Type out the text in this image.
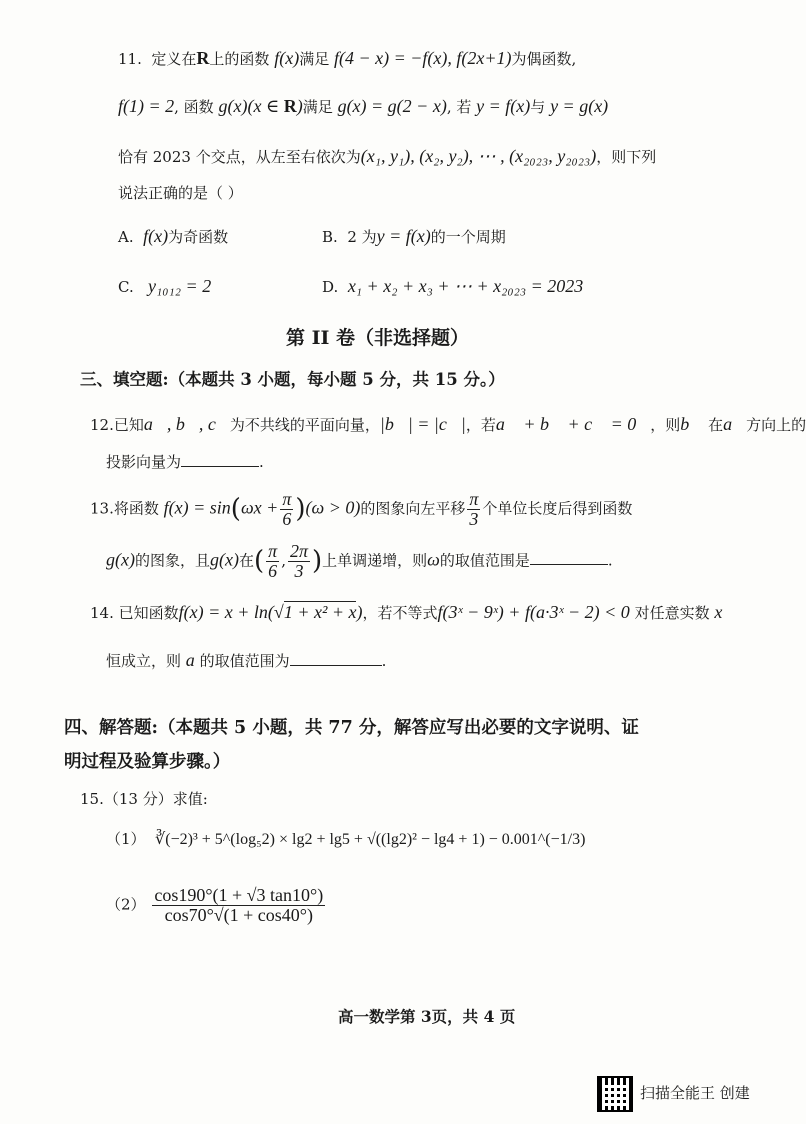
11. 定义在R上的函数 f(x)满足 f(4 − x) = −f(x), f(2x+1)为偶函数,
f(1) = 2, 函数 g(x)(x ∈ R)满足 g(x) = g(2 − x), 若 y = f(x)与 y = g(x)
恰有 2023 个交点，从左至右依次为(x₁, y₁), (x₂, y₂), ⋯ , (x₂₀₂₃, y₂₀₂₃)，则下列
说法正确的是（ ）
A. f(x)为奇函数	B. 2 为y = f(x)的一个周期
C. y₁₀₁₂ = 2	D. x₁ + x₂ + x₃ + ⋯ + x₂₀₂₃ = 2023
第 II 卷（非选择题）
三、填空题:（本题共 3 小题，每小题 5 分，共 15 分。）
12.已知a⃗, b⃗, c⃗为不共线的平面向量，|b⃗| = |c⃗|，若a⃗ + b⃗ + c⃗ = 0⃗，则b⃗ 在a⃗方向上的
投影向量为	.
13.将函数 $f(x) = \sin(\omega x + \frac{\pi}{6} )(\omega > 0)$的图象向左平移 $\frac{\pi}{3}$ 个单位长度后得到函数
g(x)的图象，且g(x)在( $\frac{\pi}{6}$ , $\frac{2\pi}{3}$ )上单调递增，则ω的取值范围是	.
14. 已知函数f(x) = x + ln(√1 + x² + x)，若不等式f(3ˣ − 9ˣ) + f(a·3ˣ − 2) < 0 对任意实数 x
恒成立，则 a 的取值范围为	.
四、解答题:（本题共 5 小题，共 77 分，解答应写出必要的文字说明、证
明过程及验算步骤。）
15.（13 分）求值:
（1） ∛(−2)³ + 5^(log₅2) × lg2 + lg5 + √((lg2)² − lg4 + 1) − 0.001^(−1/3)
$(2) \frac{\cos 190^\circ(1 + √3 \tan 10^\circ)}{\cos 70^\circ√(1 + \cos 40^\circ)}$
高一数学第 3页，共 4 页
扫描全能王 创建
